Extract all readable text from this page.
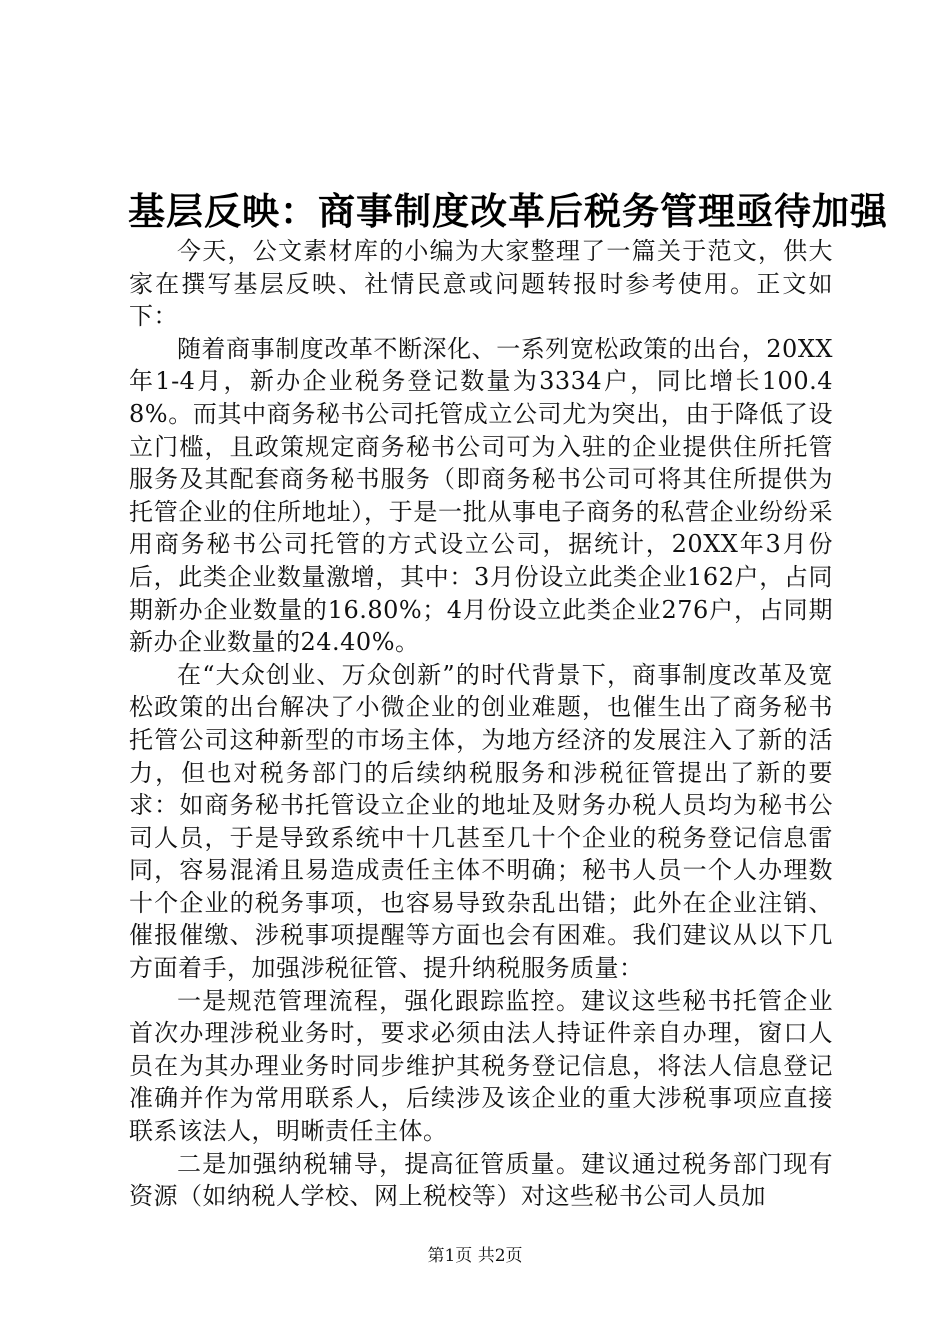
基层反映：商事制度改革后税务管理亟待加强

今天，公文素材库的小编为大家整理了一篇关于范文，供大家在撰写基层反映、社情民意或问题转报时参考使用。正文如下：

随着商事制度改革不断深化、一系列宽松政策的出台，20XX年1-4月，新办企业税务登记数量为3334户，同比增长100.48%。而其中商务秘书公司托管成立公司尤为突出，由于降低了设立门槛，且政策规定商务秘书公司可为入驻的企业提供住所托管服务及其配套商务秘书服务（即商务秘书公司可将其住所提供为托管企业的住所地址），于是一批从事电子商务的私营企业纷纷采用商务秘书公司托管的方式设立公司，据统计，20XX年3月份后，此类企业数量激增，其中：3月份设立此类企业162户，占同期新办企业数量的16.80%；4月份设立此类企业276户，占同期新办企业数量的24.40%。

在“大众创业、万众创新”的时代背景下，商事制度改革及宽松政策的出台解决了小微企业的创业难题，也催生出了商务秘书托管公司这种新型的市场主体，为地方经济的发展注入了新的活力，但也对税务部门的后续纳税服务和涉税征管提出了新的要求：如商务秘书托管设立企业的地址及财务办税人员均为秘书公司人员，于是导致系统中十几甚至几十个企业的税务登记信息雷同，容易混淆且易造成责任主体不明确；秘书人员一个人办理数十个企业的税务事项，也容易导致杂乱出错；此外在企业注销、催报催缴、涉税事项提醒等方面也会有困难。我们建议从以下几方面着手，加强涉税征管、提升纳税服务质量：

一是规范管理流程，强化跟踪监控。建议这些秘书托管企业首次办理涉税业务时，要求必须由法人持证件亲自办理，窗口人员在为其办理业务时同步维护其税务登记信息，将法人信息登记准确并作为常用联系人，后续涉及该企业的重大涉税事项应直接联系该法人，明晰责任主体。

二是加强纳税辅导，提高征管质量。建议通过税务部门现有资源（如纳税人学校、网上税校等）对这些秘书公司人员加

第1页 共2页
